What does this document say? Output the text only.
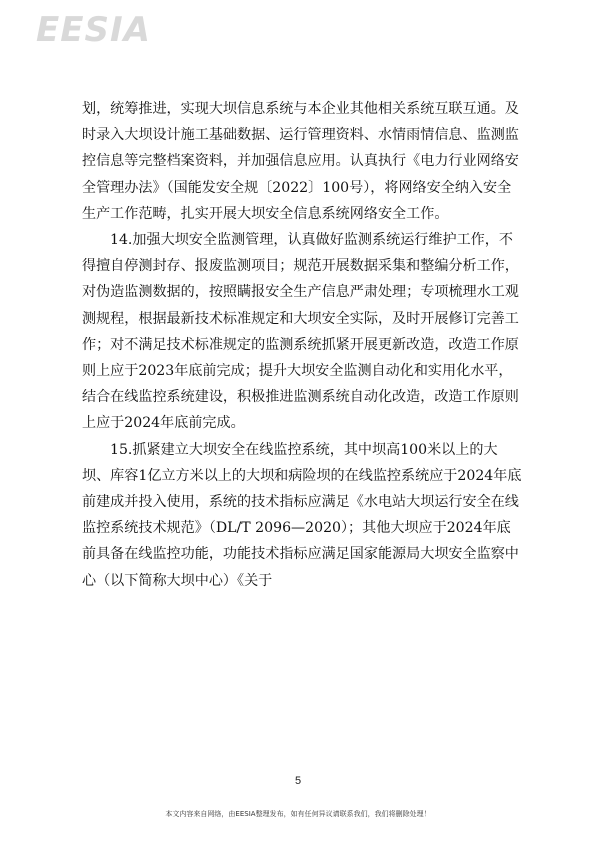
EESIA

划，统筹推进，实现大坝信息系统与本企业其他相关系统互联互通。及时录入大坝设计施工基础数据、运行管理资料、水情雨情信息、监测监控信息等完整档案资料，并加强信息应用。认真执行《电力行业网络安全管理办法》（国能发安全规〔2022〕100号），将网络安全纳入安全生产工作范畴，扎实开展大坝安全信息系统网络安全工作。

14.加强大坝安全监测管理，认真做好监测系统运行维护工作，不得擅自停测封存、报废监测项目；规范开展数据采集和整编分析工作，对伪造监测数据的，按照瞒报安全生产信息严肃处理；专项梳理水工观测规程，根据最新技术标准规定和大坝安全实际，及时开展修订完善工作；对不满足技术标准规定的监测系统抓紧开展更新改造，改造工作原则上应于2023年底前完成；提升大坝安全监测自动化和实用化水平，结合在线监控系统建设，积极推进监测系统自动化改造，改造工作原则上应于2024年底前完成。

15.抓紧建立大坝安全在线监控系统，其中坝高100米以上的大坝、库容1亿立方米以上的大坝和病险坝的在线监控系统应于2024年底前建成并投入使用，系统的技术指标应满足《水电站大坝运行安全在线监控系统技术规范》（DL/T 2096—2020）；其他大坝应于2024年底前具备在线监控功能，功能技术指标应满足国家能源局大坝安全监察中心（以下简称大坝中心）《关于

5
本文内容来自网络，由EESIA整理发布，如有任何异议请联系我们，我们将删除处理！
